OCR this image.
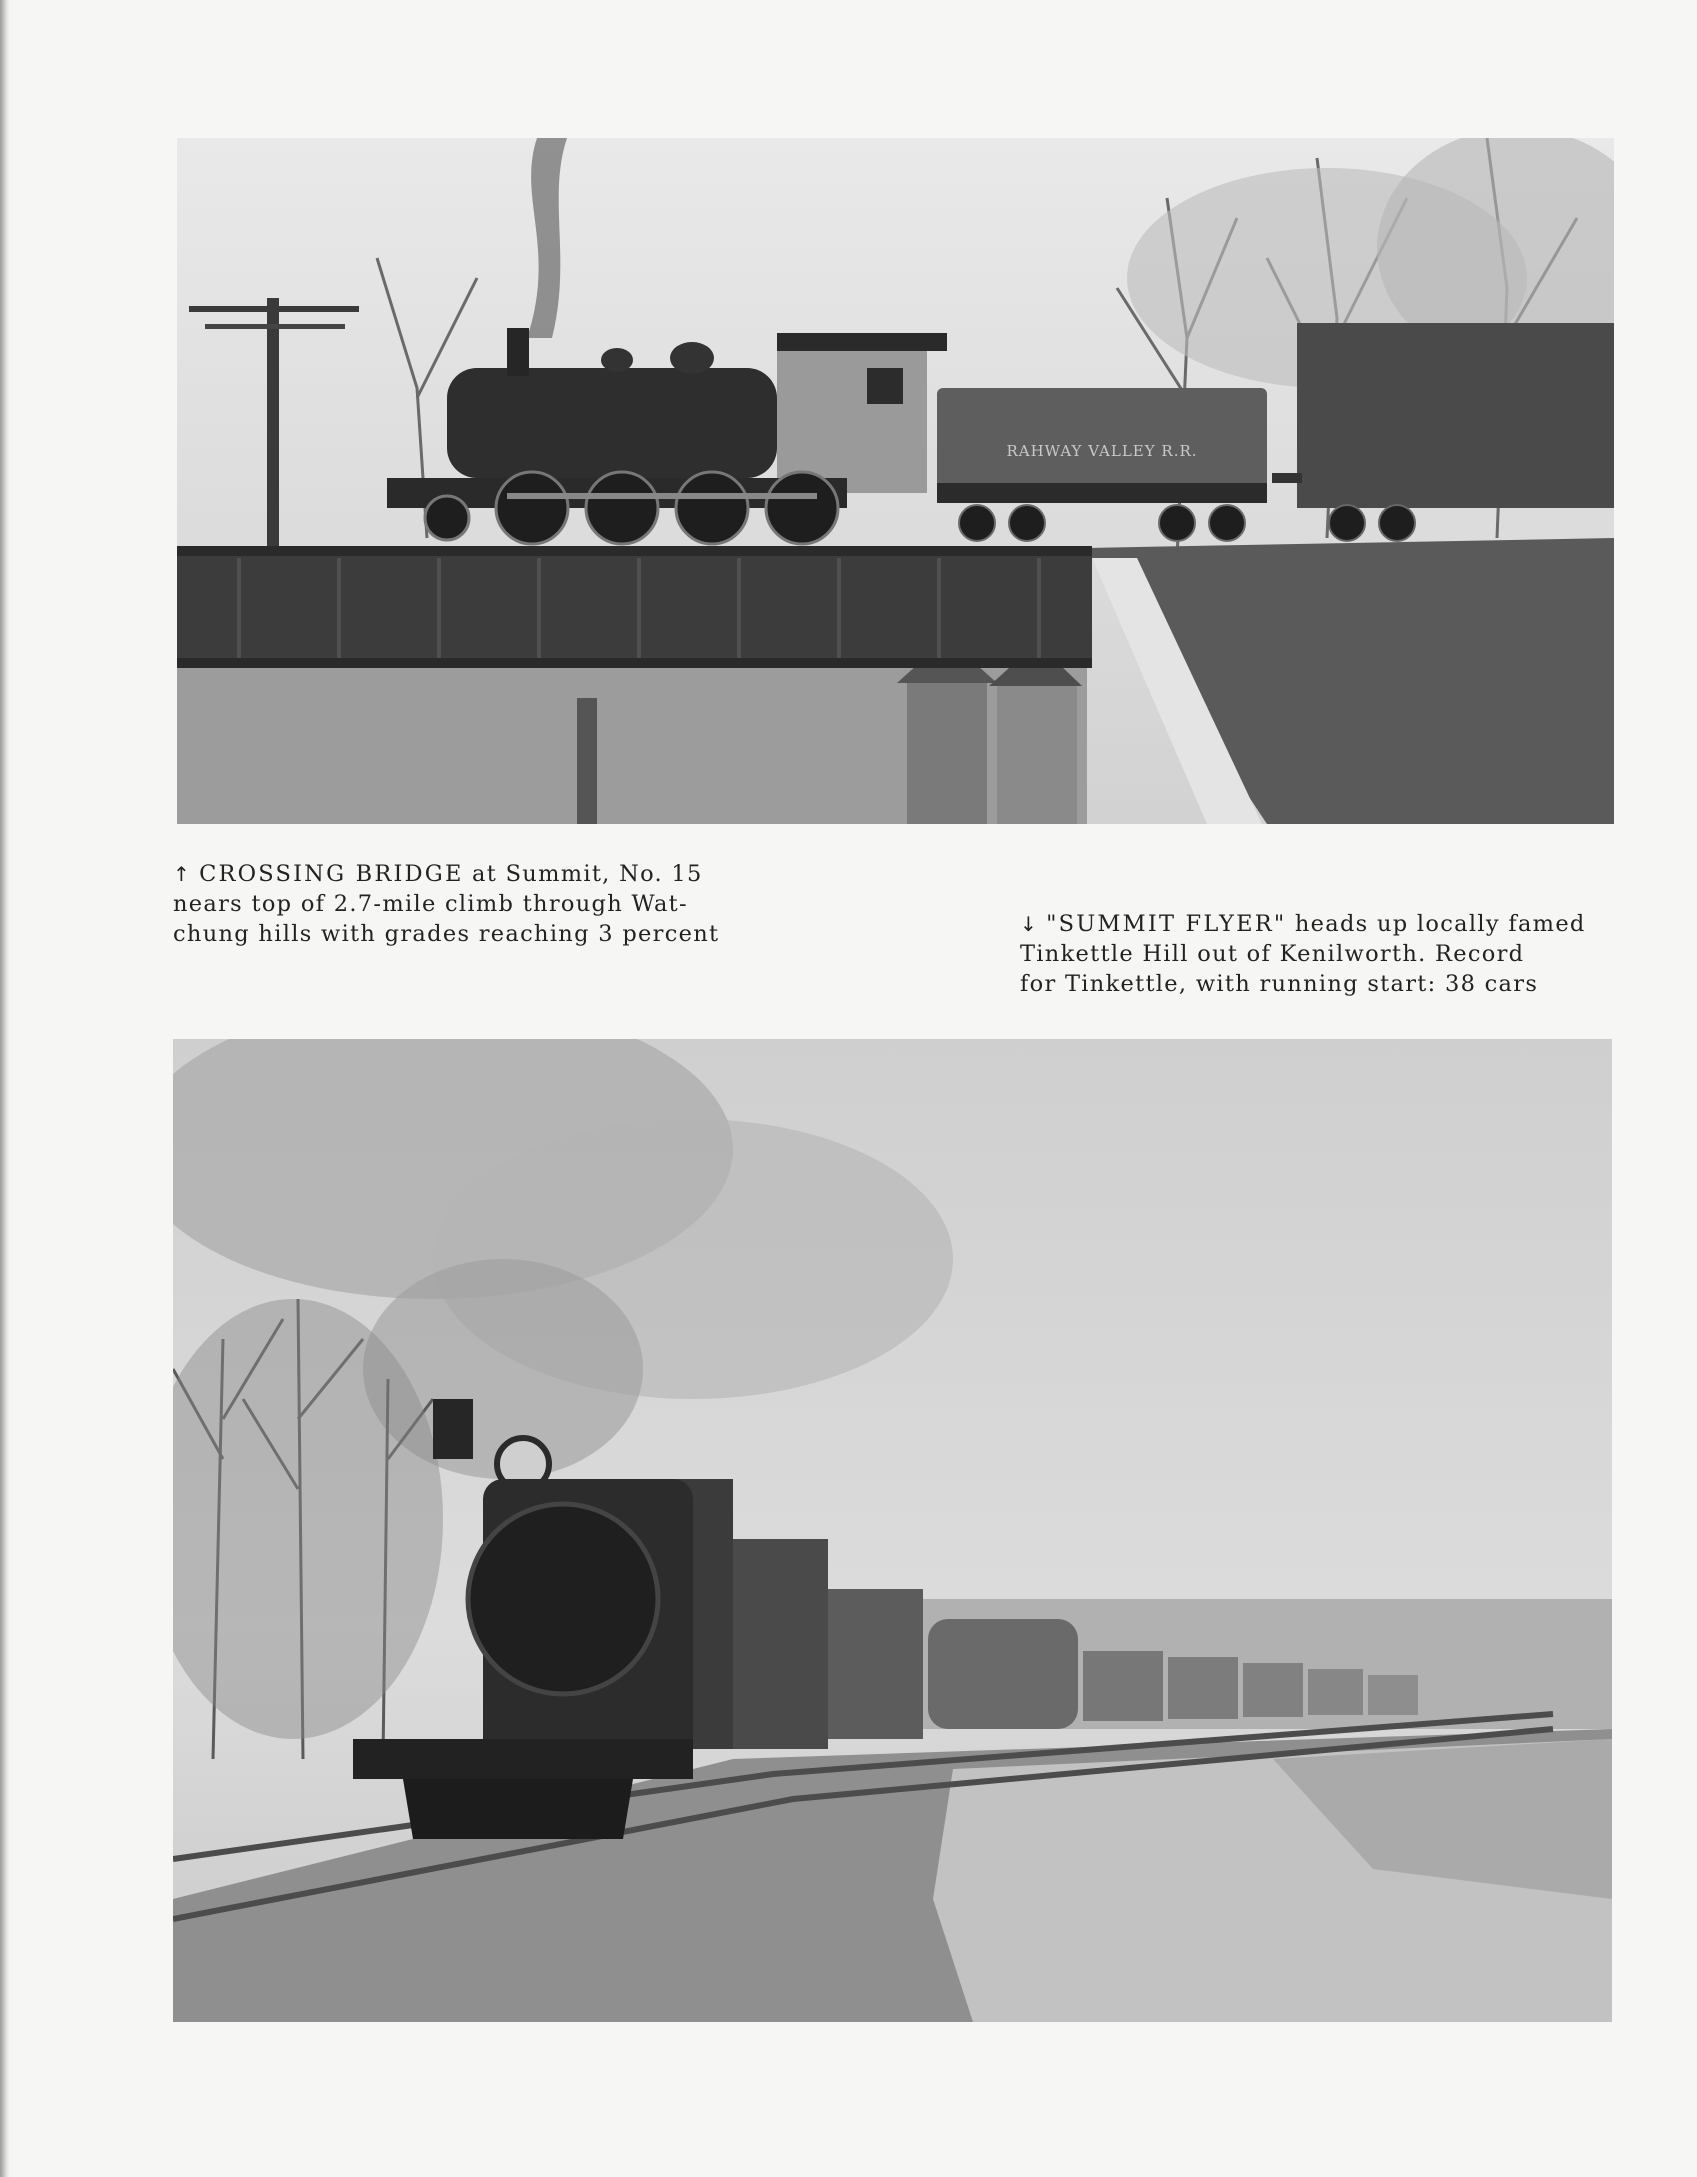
RAHWAY VALLEY R.R.
↑ CROSSING BRIDGE at Summit, No. 15
nears top of 2.7-mile climb through Wat-
chung hills with grades reaching 3 percent	↓ "SUMMIT FLYER" heads up locally famed
Tinkettle Hill out of Kenilworth. Record
for Tinkettle, with running start: 38 cars
